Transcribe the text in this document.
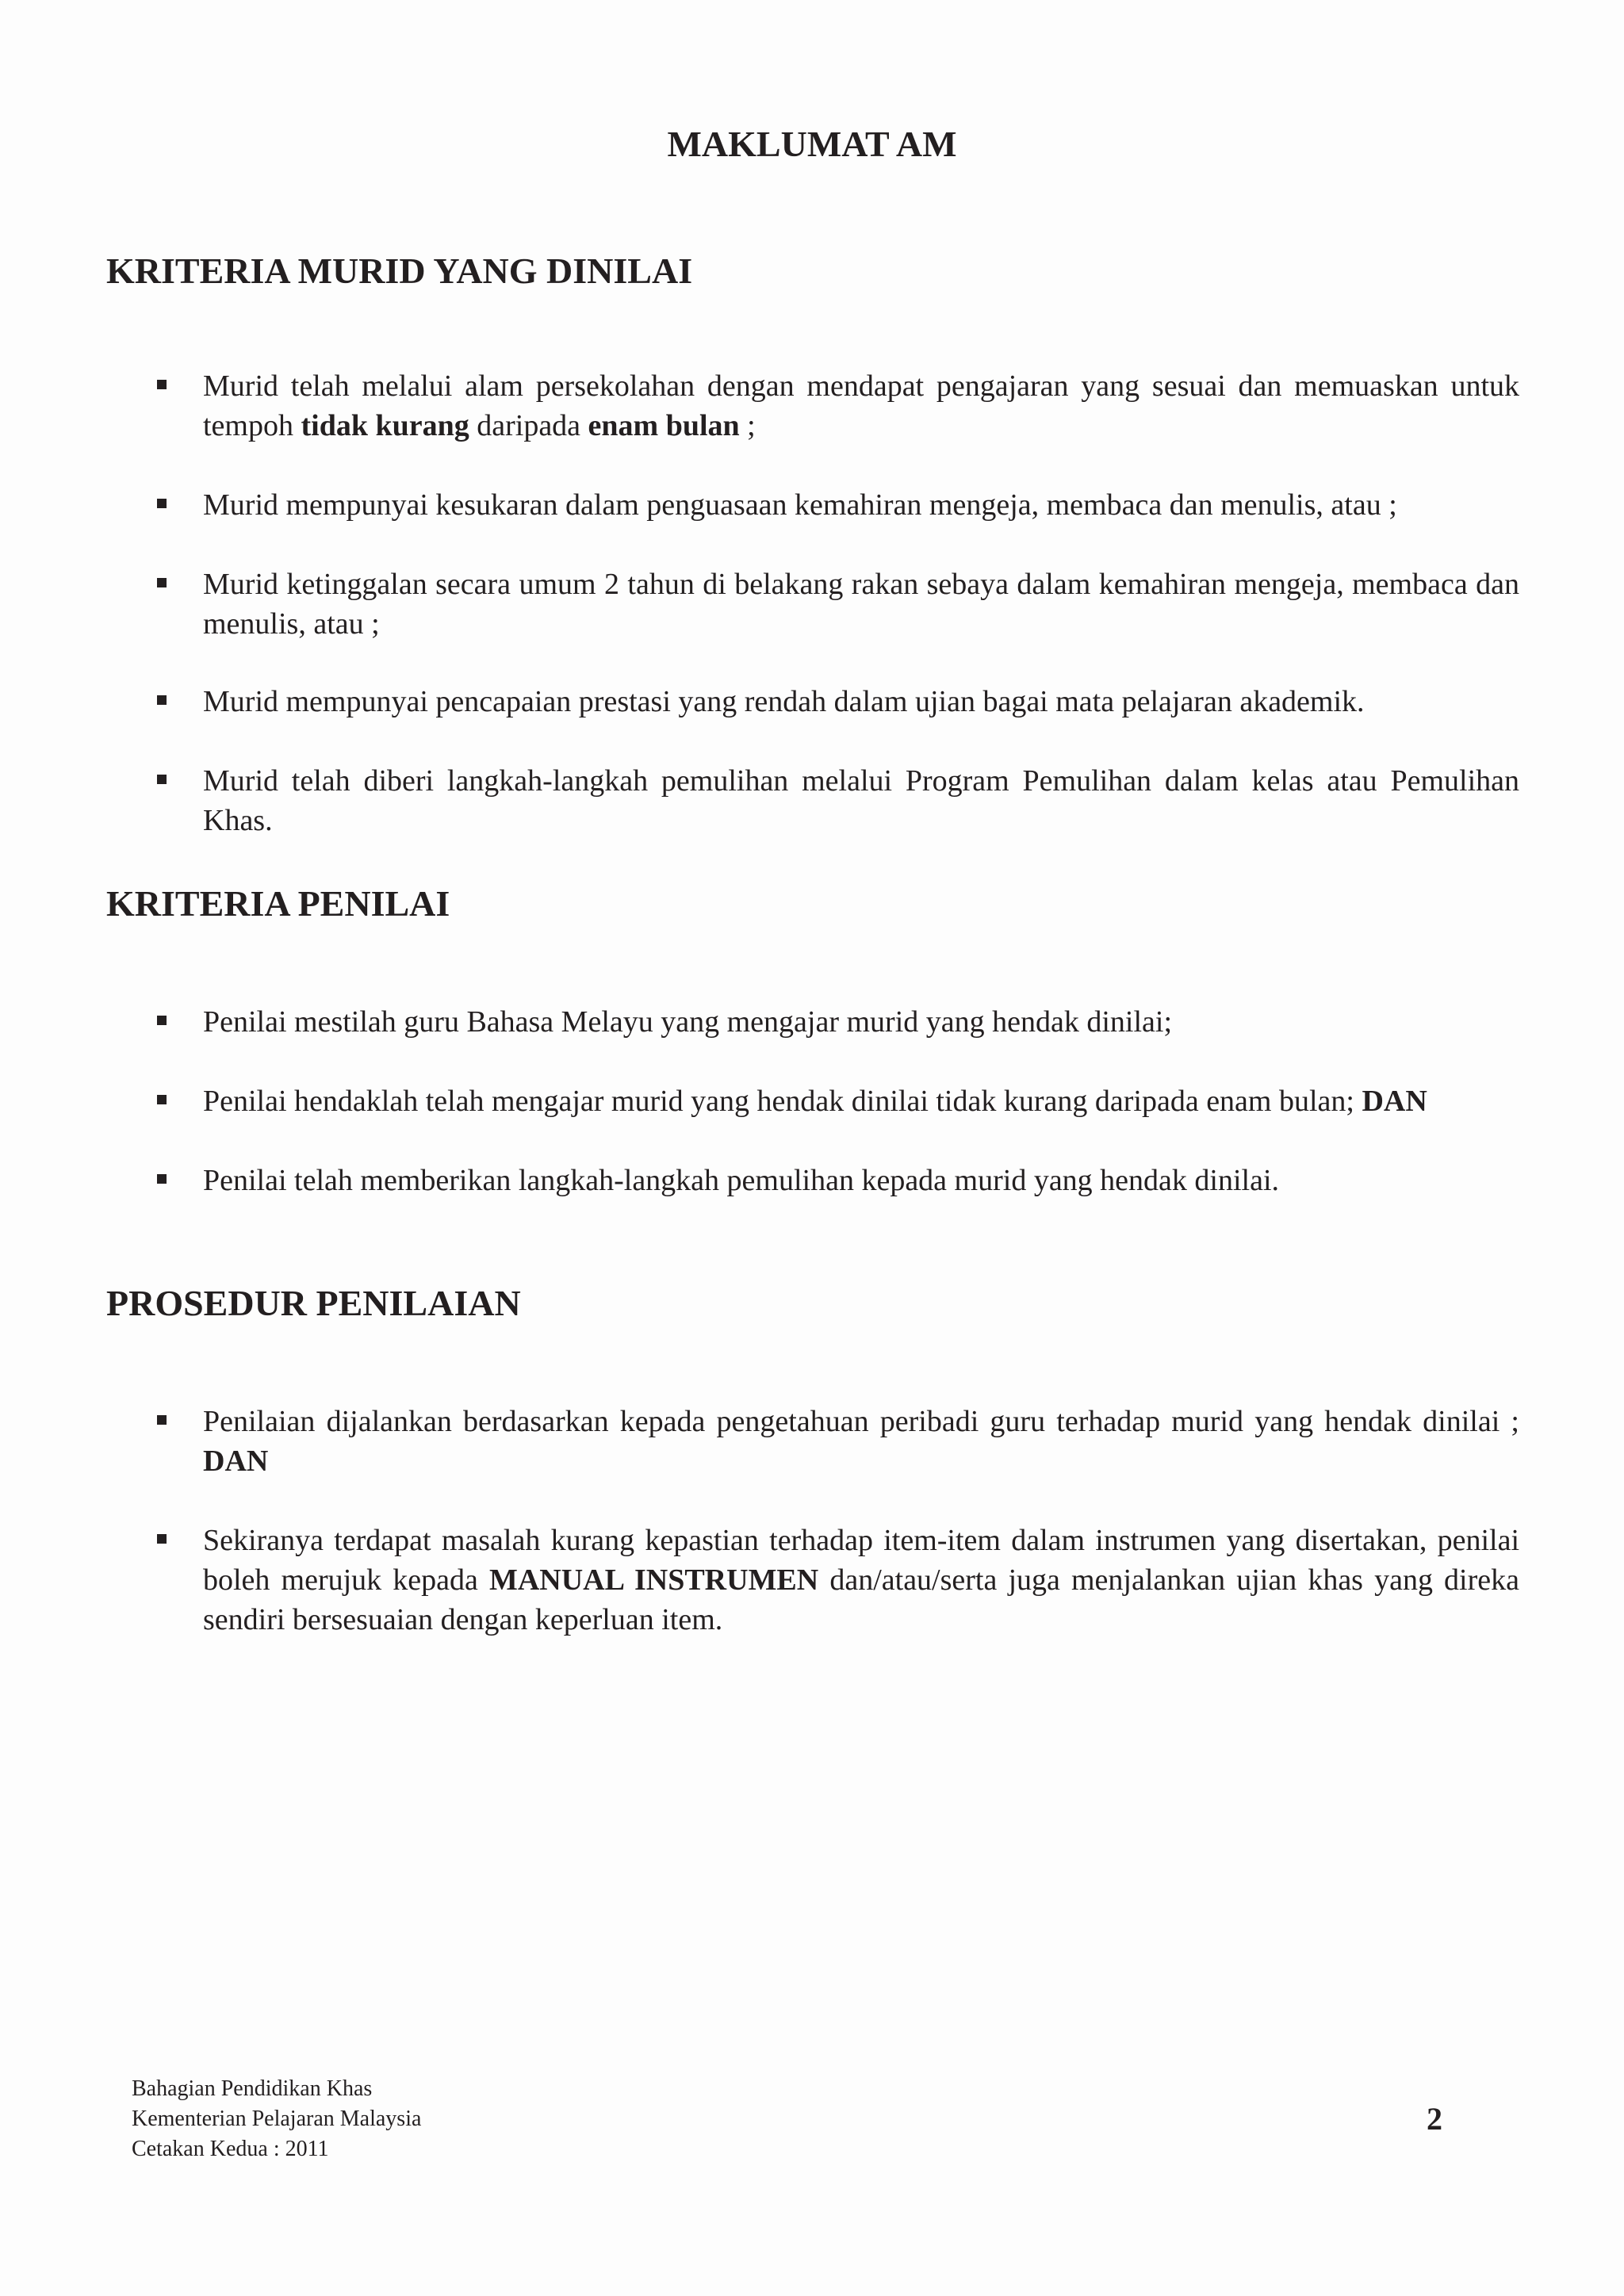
MAKLUMAT AM
KRITERIA MURID YANG DINILAI
Murid telah melalui alam persekolahan dengan mendapat pengajaran yang sesuai dan memuaskan untuk tempoh tidak kurang daripada enam bulan ;
Murid mempunyai kesukaran dalam penguasaan kemahiran mengeja, membaca dan menulis, atau ;
Murid ketinggalan secara umum 2 tahun di belakang rakan sebaya dalam kemahiran mengeja, membaca dan menulis, atau ;
Murid mempunyai pencapaian prestasi yang rendah dalam ujian bagai mata pelajaran akademik.
Murid telah diberi langkah-langkah pemulihan melalui Program Pemulihan dalam kelas atau Pemulihan Khas.
KRITERIA PENILAI
Penilai mestilah guru Bahasa Melayu yang mengajar murid yang hendak dinilai;
Penilai hendaklah telah mengajar murid yang hendak dinilai tidak kurang daripada enam bulan; DAN
Penilai telah memberikan langkah-langkah pemulihan kepada murid yang hendak dinilai.
PROSEDUR PENILAIAN
Penilaian dijalankan berdasarkan kepada pengetahuan peribadi guru terhadap murid yang hendak dinilai ; DAN
Sekiranya terdapat masalah kurang kepastian terhadap item-item dalam instrumen yang disertakan, penilai boleh merujuk kepada MANUAL INSTRUMEN dan/atau/serta juga menjalankan ujian khas yang direka sendiri bersesuaian dengan keperluan item.
Bahagian Pendidikan Khas
Kementerian Pelajaran Malaysia
Cetakan Kedua : 2011
2
